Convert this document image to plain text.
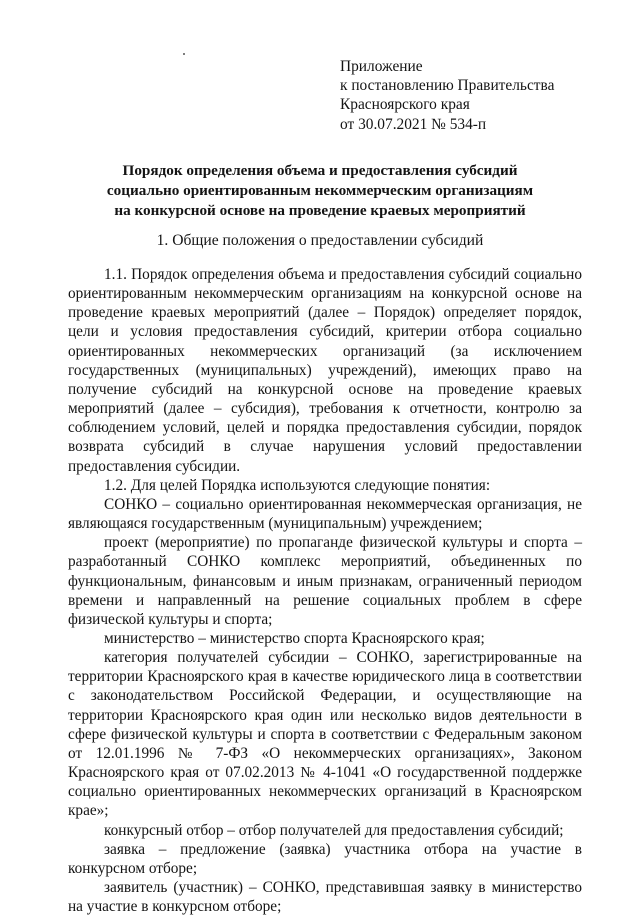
Приложение

к постановлению Правительства

Красноярского края

от 30.07.2021 № 534-п

Порядок определения объема и предоставления субсидий

социально ориентированным некоммерческим организациям

на конкурсной основе на проведение краевых мероприятий

1. Общие положения о предоставлении субсидий

1.1. Порядок определения объема и предоставления субсидий социально ориентированным некоммерческим организациям на конкурсной основе на проведение краевых мероприятий (далее – Порядок) определяет порядок, цели и условия предоставления субсидий, критерии отбора социально ориентированных некоммерческих организаций (за исключением государственных (муниципальных) учреждений), имеющих право на получение субсидий на конкурсной основе на проведение краевых мероприятий (далее – субсидия), требования к отчетности, контролю за соблюдением условий, целей и порядка предоставления субсидии, порядок возврата субсидий в случае нарушения условий предоставлении предоставления субсидии.

1.2. Для целей Порядка используются следующие понятия:

СОНКО – социально ориентированная некоммерческая организация, не являющаяся государственным (муниципальным) учреждением;

проект (мероприятие) по пропаганде физической культуры и спорта – разработанный СОНКО комплекс мероприятий, объединенных по функциональным, финансовым и иным признакам, ограниченный периодом времени и направленный на решение социальных проблем в сфере физической культуры и спорта;

министерство – министерство спорта Красноярского края;

категория получателей субсидии – СОНКО, зарегистрированные на территории Красноярского края в качестве юридического лица в соответствии с законодательством Российской Федерации, и осуществляющие на территории Красноярского края один или несколько видов деятельности в сфере физической культуры и спорта в соответствии с Федеральным законом от 12.01.1996 № 7-ФЗ «О некоммерческих организациях», Законом Красноярского края от 07.02.2013 № 4-1041 «О государственной поддержке социально ориентированных некоммерческих организаций в Красноярском крае»;

конкурсный отбор – отбор получателей для предоставления субсидий;

заявка – предложение (заявка) участника отбора на участие в конкурсном отборе;

заявитель (участник) – СОНКО, представившая заявку в министерство на участие в конкурсном отборе;
